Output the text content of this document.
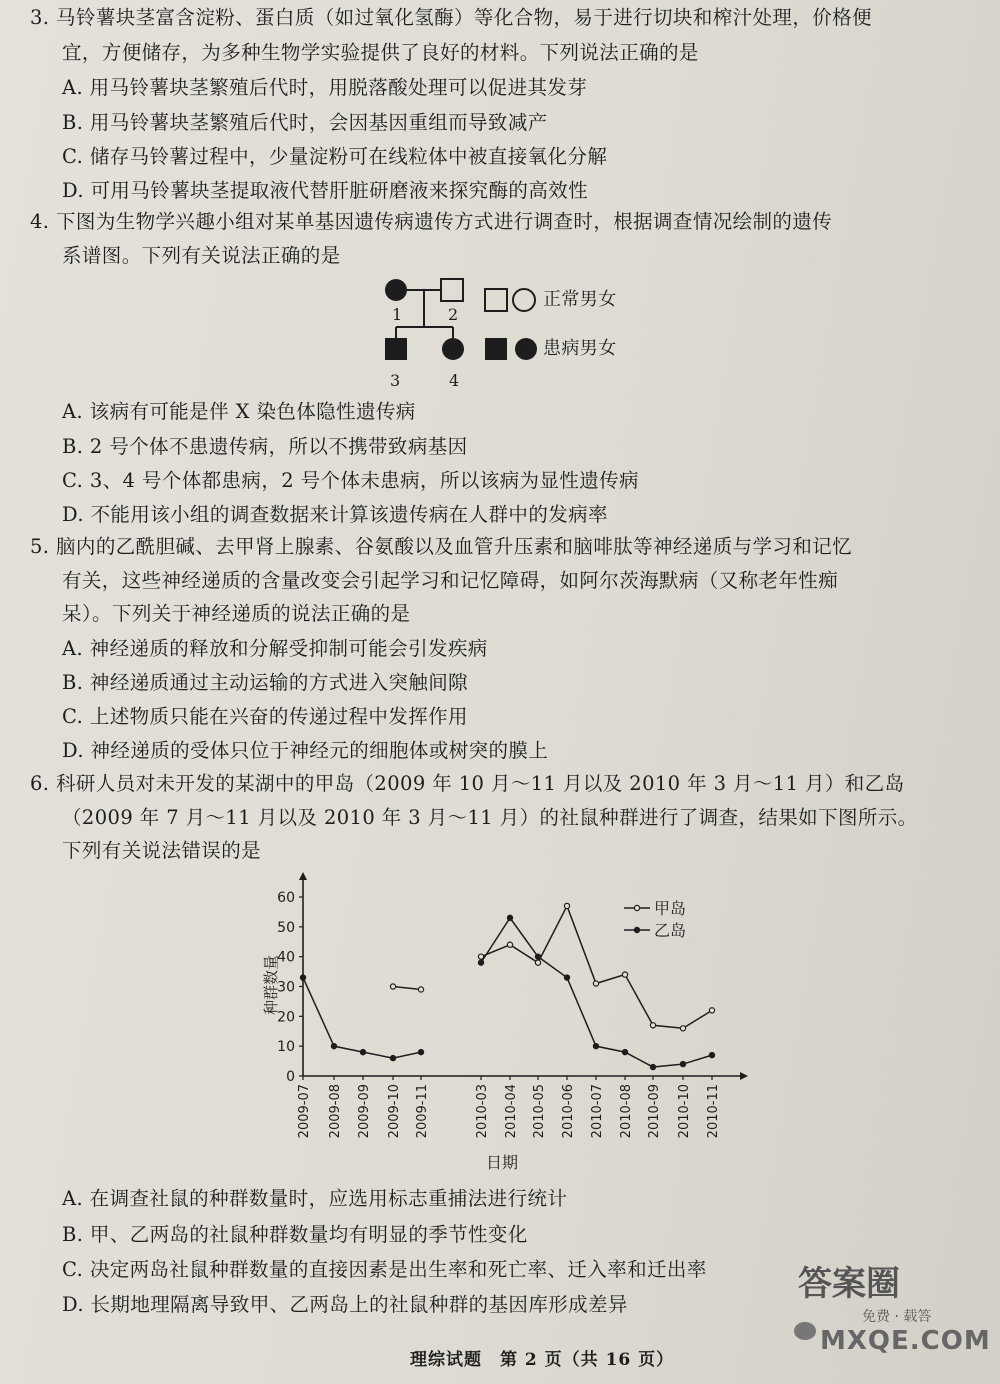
3. 马铃薯块茎富含淀粉、蛋白质（如过氧化氢酶）等化合物，易于进行切块和榨汁处理，价格便
宜，方便储存，为多种生物学实验提供了良好的材料。下列说法正确的是
A. 用马铃薯块茎繁殖后代时，用脱落酸处理可以促进其发芽
B. 用马铃薯块茎繁殖后代时，会因基因重组而导致减产
C. 储存马铃薯过程中，少量淀粉可在线粒体中被直接氧化分解
D. 可用马铃薯块茎提取液代替肝脏研磨液来探究酶的高效性
4. 下图为生物学兴趣小组对某单基因遗传病遗传方式进行调查时，根据调查情况绘制的遗传
系谱图。下列有关说法正确的是
1	2
3	4
正常男女
患病男女
A. 该病有可能是伴 X 染色体隐性遗传病
B. 2 号个体不患遗传病，所以不携带致病基因
C. 3、4 号个体都患病，2 号个体未患病，所以该病为显性遗传病
D. 不能用该小组的调查数据来计算该遗传病在人群中的发病率
5. 脑内的乙酰胆碱、去甲肾上腺素、谷氨酸以及血管升压素和脑啡肽等神经递质与学习和记忆
有关，这些神经递质的含量改变会引起学习和记忆障碍，如阿尔茨海默病（又称老年性痴
呆）。下列关于神经递质的说法正确的是
A. 神经递质的释放和分解受抑制可能会引发疾病
B. 神经递质通过主动运输的方式进入突触间隙
C. 上述物质只能在兴奋的传递过程中发挥作用
D. 神经递质的受体只位于神经元的细胞体或树突的膜上
6. 科研人员对未开发的某湖中的甲岛（2009 年 10 月～11 月以及 2010 年 3 月～11 月）和乙岛
（2009 年 7 月～11 月以及 2010 年 3 月～11 月）的社鼠种群进行了调查，结果如下图所示。
下列有关说法错误的是
0
10
20
30
40
50
60
2009-07 2009-08 2009-09 2009-10 2009-11	2010-03 2010-04 2010-05 2010-06 2010-07 2010-08 2010-09 2010-10 2010-11
种群数量
日期
甲岛
乙岛
A. 在调查社鼠的种群数量时，应选用标志重捕法进行统计
B. 甲、乙两岛的社鼠种群数量均有明显的季节性变化
C. 决定两岛社鼠种群数量的直接因素是出生率和死亡率、迁入率和迁出率
D. 长期地理隔离导致甲、乙两岛上的社鼠种群的基因库形成差异
理综试题　第 2 页（共 16 页）
答案圈
免费 · 载答
MXQE.COM
